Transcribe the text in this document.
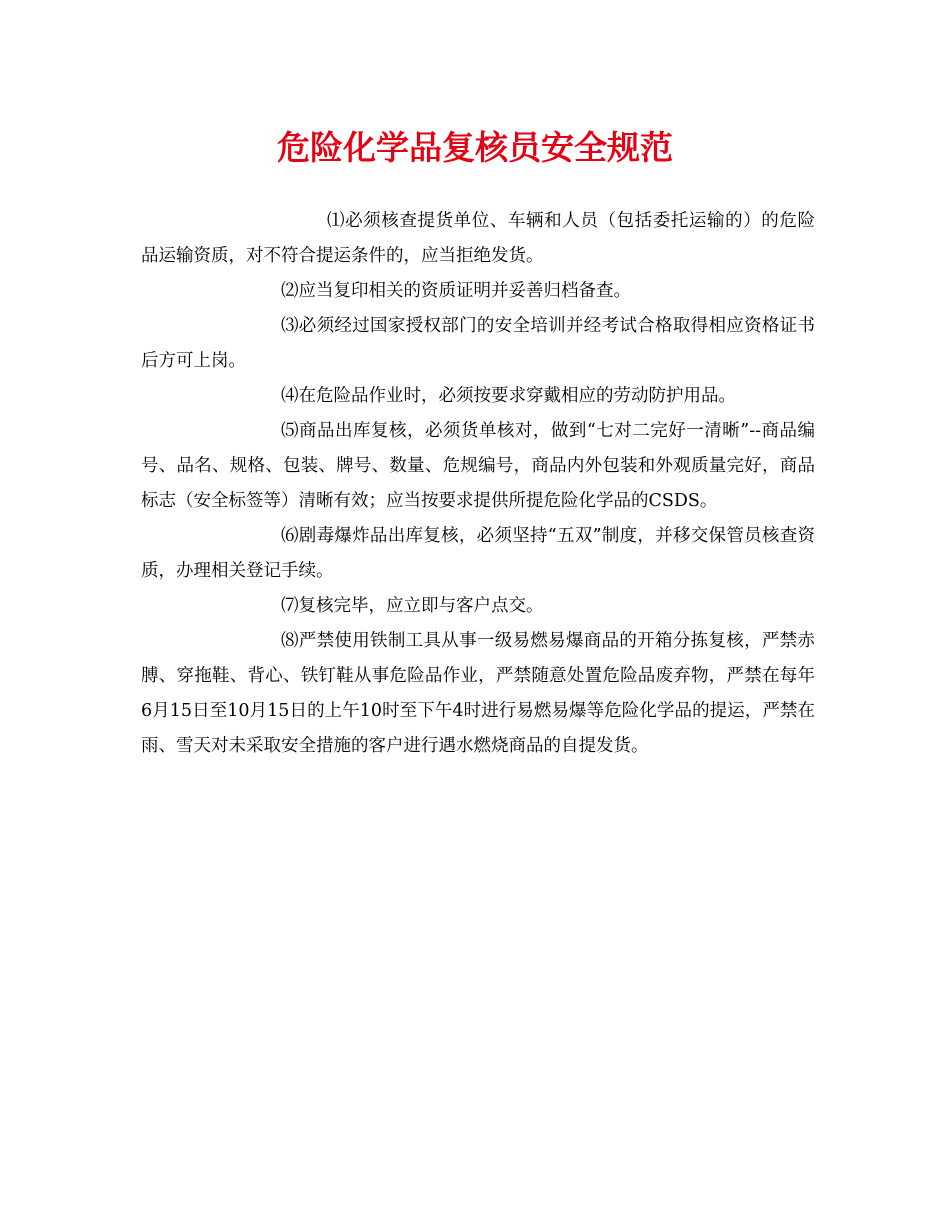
危险化学品复核员安全规范

⑴必须核查提货单位、车辆和人员（包括委托运输的）的危险品运输资质，对不符合提运条件的，应当拒绝发货。

⑵应当复印相关的资质证明并妥善归档备查。

⑶必须经过国家授权部门的安全培训并经考试合格取得相应资格证书后方可上岗。

⑷在危险品作业时，必须按要求穿戴相应的劳动防护用品。

⑸商品出库复核，必须货单核对，做到“七对二完好一清晰”--商品编号、品名、规格、包装、牌号、数量、危规编号，商品内外包装和外观质量完好，商品标志（安全标签等）清晰有效；应当按要求提供所提危险化学品的CSDS。

⑹剧毒爆炸品出库复核，必须坚持“五双”制度，并移交保管员核查资质，办理相关登记手续。

⑺复核完毕，应立即与客户点交。

⑻严禁使用铁制工具从事一级易燃易爆商品的开箱分拣复核，严禁赤膊、穿拖鞋、背心、铁钉鞋从事危险品作业，严禁随意处置危险品废弃物，严禁在每年6月15日至10月15日的上午10时至下午4时进行易燃易爆等危险化学品的提运，严禁在雨、雪天对未采取安全措施的客户进行遇水燃烧商品的自提发货。
